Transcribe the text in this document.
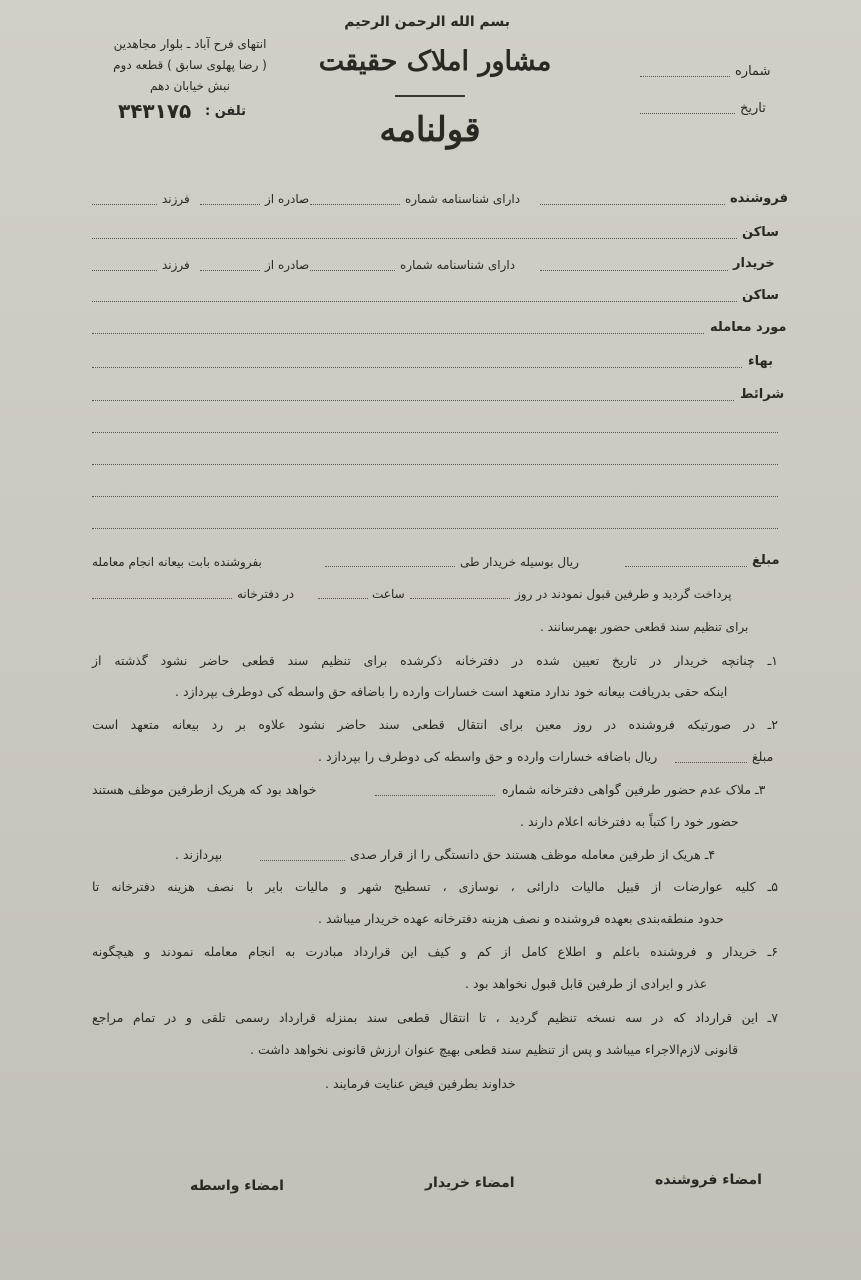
بسم الله الرحمن الرحیم
مشاور املاک حقیقت
قولنامه
انتهای فرح آباد ـ بلوار مجاهدین
( رضا پهلوی سابق ) قطعه دوم
نبش خیابان دهم
تلفن :
۳۴۳۱۷۵
شماره
تاریخ
فروشنده
دارای شناسنامه شماره
صادره از
فرزند
ساکن
خریدار
دارای شناسنامه شماره
صادره از
فرزند
ساکن
مورد معامله
بهاء
شرائط
مبلغ
ریال بوسیله خریدار طی
بفروشنده بابت بیعانه انجام معامله
پرداخت گردید و طرفین قبول نمودند در روز
ساعت
در دفترخانه
برای تنظیم سند قطعی حضور بهمرسانند .
۱ـ چنانچه خریدار در تاریخ تعیین شده در دفترخانه ذکرشده برای تنظیم سند قطعی حاضر نشود گذشته از
اینکه حقی بدریافت بیعانه خود ندارد متعهد است خسارات وارده را باضافه حق واسطه کی دوطرف بپردازد .
۲ـ در صورتیکه فروشنده در روز معین برای انتقال قطعی سند حاضر نشود علاوه بر رد بیعانه متعهد است
مبلغ
ریال باضافه خسارات وارده و حق واسطه کی دوطرف را بپردازد .
۳ـ ملاک عدم حضور طرفین گواهی دفترخانه شماره
خواهد بود که هریک ازطرفین موظف هستند
حضور خود را کتباً به دفترخانه اعلام دارند .
۴ـ هریک از طرفین معامله موظف هستند حق دانستگی را از قرار صدی
بپردازند .
۵ـ کلیه عوارضات از قبیل مالیات دارائی ، نوسازی ، تسطیح شهر و مالیات بایر با نصف هزینه دفترخانه تا
حدود منطقه‌بندی بعهده فروشنده و نصف هزینه دفترخانه عهده خریدار میباشد .
۶ـ خریدار و فروشنده باعلم و اطلاع کامل از کم و کیف این قرارداد مبادرت به انجام معامله نمودند و هیچگونه
عذر و ایرادی از طرفین قابل قبول نخواهد بود .
۷ـ این قرارداد که در سه نسخه تنظیم گردید ، تا انتقال قطعی سند بمنزله قرارداد رسمی تلقی و در تمام مراجع
قانونی لازم‌الاجراء میباشد و پس از تنظیم سند قطعی بهیچ عنوان ارزش قانونی نخواهد داشت .
خداوند بطرفین فیض عنایت فرمایند .
امضاء فروشنده
امضاء خریدار
امضاء واسطه
